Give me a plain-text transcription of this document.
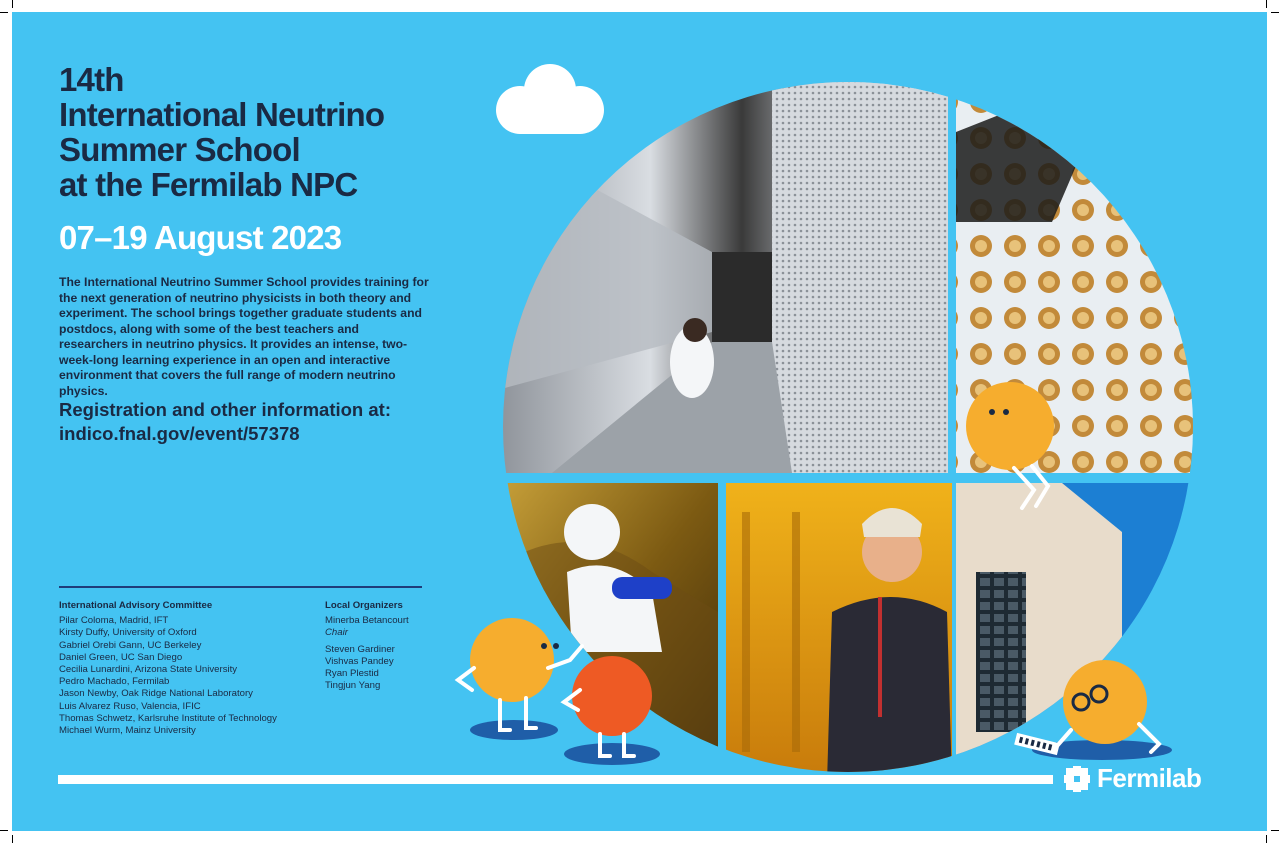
14th
International Neutrino
Summer School
at the Fermilab NPC
07–19 August 2023

The International Neutrino Summer School provides training for the next generation of neutrino physicists in both theory and experiment. The school brings together graduate students and postdocs, along with some of the best teachers and researchers in neutrino physics. It provides an intense, two-week-long learning experience in an open and interactive environment that covers the full range of modern neutrino physics.

Registration and other information at:
indico.fnal.gov/event/57378

International Advisory Committee
Pilar Coloma, Madrid, IFT
Kirsty Duffy, University of Oxford
Gabriel Orebi Gann, UC Berkeley
Daniel Green, UC San Diego
Cecilia Lunardini, Arizona State University
Pedro Machado, Fermilab
Jason Newby, Oak Ridge National Laboratory
Luis Alvarez Ruso, Valencia, IFIC
Thomas Schwetz, Karlsruhe Institute of Technology
Michael Wurm, Mainz University
Local Organizers
Minerba Betancourt
Chair
Steven Gardiner
Vishvas Pandey
Ryan Plestid
Tingjun Yang
Fermilab
